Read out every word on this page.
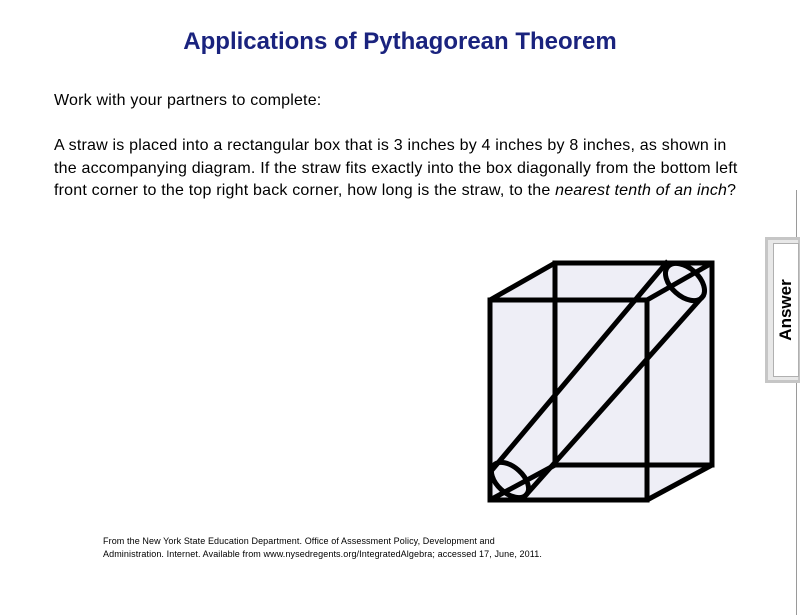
Applications of Pythagorean Theorem
Work with your partners to complete:
A straw is placed into a rectangular box that is 3 inches by 4 inches by 8 inches, as shown in the accompanying diagram. If the straw fits exactly into the box diagonally from the bottom left front corner to the top right back corner, how long is the straw, to the nearest tenth of an inch?
Answer
From the New York State Education Department. Office of Assessment Policy, Development and
Administration. Internet. Available from www.nysedregents.org/IntegratedAlgebra; accessed 17, June, 2011.
